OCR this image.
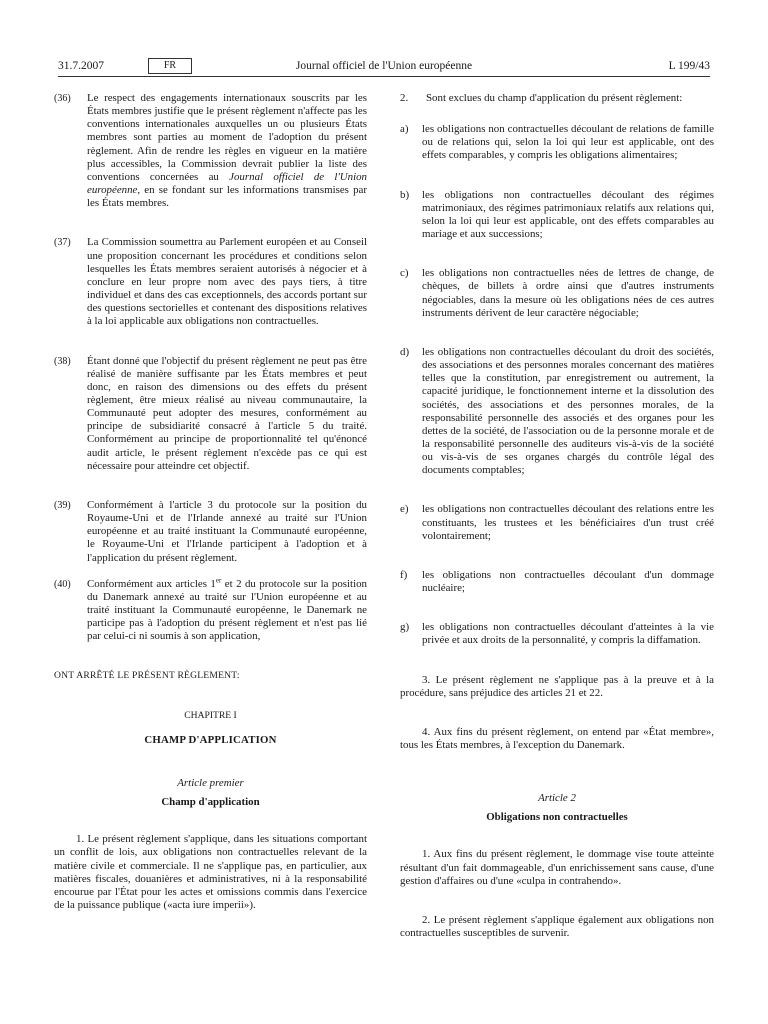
31.7.2007	FR	Journal officiel de l'Union européenne	L 199/43
(36) Le respect des engagements internationaux souscrits par les États membres justifie que le présent règlement n'affecte pas les conventions internationales auxquelles un ou plusieurs États membres sont parties au moment de l'adoption du présent règlement. Afin de rendre les règles en vigueur en la matière plus accessibles, la Commission devrait publier la liste des conventions concernées au Journal officiel de l'Union européenne, en se fondant sur les informations transmises par les États membres.
(37) La Commission soumettra au Parlement européen et au Conseil une proposition concernant les procédures et conditions selon lesquelles les États membres seraient autorisés à négocier et à conclure en leur propre nom avec des pays tiers, à titre individuel et dans des cas exceptionnels, des accords portant sur des questions sectorielles et contenant des dispositions relatives à la loi applicable aux obligations non contractuelles.
(38) Étant donné que l'objectif du présent règlement ne peut pas être réalisé de manière suffisante par les États membres et peut donc, en raison des dimensions ou des effets du présent règlement, être mieux réalisé au niveau communautaire, la Communauté peut adopter des mesures, conformément au principe de subsidiarité consacré à l'article 5 du traité. Conformément au principe de proportionnalité tel qu'énoncé audit article, le présent règlement n'excède pas ce qui est nécessaire pour atteindre cet objectif.
(39) Conformément à l'article 3 du protocole sur la position du Royaume-Uni et de l'Irlande annexé au traité sur l'Union européenne et au traité instituant la Communauté européenne, le Royaume-Uni et l'Irlande participent à l'adoption et à l'application du présent règlement.
(40) Conformément aux articles 1er et 2 du protocole sur la position du Danemark annexé au traité sur l'Union européenne et au traité instituant la Communauté européenne, le Danemark ne participe pas à l'adoption du présent règlement et n'est pas lié par celui-ci ni soumis à son application,
ONT ARRÊTÉ LE PRÉSENT RÈGLEMENT:
CHAPITRE I
CHAMP D'APPLICATION
Article premier
Champ d'application
1. Le présent règlement s'applique, dans les situations comportant un conflit de lois, aux obligations non contractuelles relevant de la matière civile et commerciale. Il ne s'applique pas, en particulier, aux matières fiscales, douanières et administratives, ni à la responsabilité encourue par l'État pour les actes et omissions commis dans l'exercice de la puissance publique («acta iure imperii»).
2. Sont exclues du champ d'application du présent règlement:
a) les obligations non contractuelles découlant de relations de famille ou de relations qui, selon la loi qui leur est applicable, ont des effets comparables, y compris les obligations alimentaires;
b) les obligations non contractuelles découlant des régimes matrimoniaux, des régimes patrimoniaux relatifs aux relations qui, selon la loi qui leur est applicable, ont des effets comparables au mariage et aux successions;
c) les obligations non contractuelles nées de lettres de change, de chèques, de billets à ordre ainsi que d'autres instruments négociables, dans la mesure où les obligations nées de ces autres instruments dérivent de leur caractère négociable;
d) les obligations non contractuelles découlant du droit des sociétés, des associations et des personnes morales concernant des matières telles que la constitution, par enregistrement ou autrement, la capacité juridique, le fonctionnement interne et la dissolution des sociétés, des associations et des personnes morales, de la responsabilité personnelle des associés et des organes pour les dettes de la société, de l'association ou de la personne morale et de la responsabilité personnelle des auditeurs vis-à-vis de la société ou vis-à-vis de ses organes chargés du contrôle légal des documents comptables;
e) les obligations non contractuelles découlant des relations entre les constituants, les trustees et les bénéficiaires d'un trust créé volontairement;
f) les obligations non contractuelles découlant d'un dommage nucléaire;
g) les obligations non contractuelles découlant d'atteintes à la vie privée et aux droits de la personnalité, y compris la diffamation.
3. Le présent règlement ne s'applique pas à la preuve et à la procédure, sans préjudice des articles 21 et 22.
4. Aux fins du présent règlement, on entend par «État membre», tous les États membres, à l'exception du Danemark.
Article 2
Obligations non contractuelles
1. Aux fins du présent règlement, le dommage vise toute atteinte résultant d'un fait dommageable, d'un enrichissement sans cause, d'une gestion d'affaires ou d'une «culpa in contrahendo».
2. Le présent règlement s'applique également aux obligations non contractuelles susceptibles de survenir.
